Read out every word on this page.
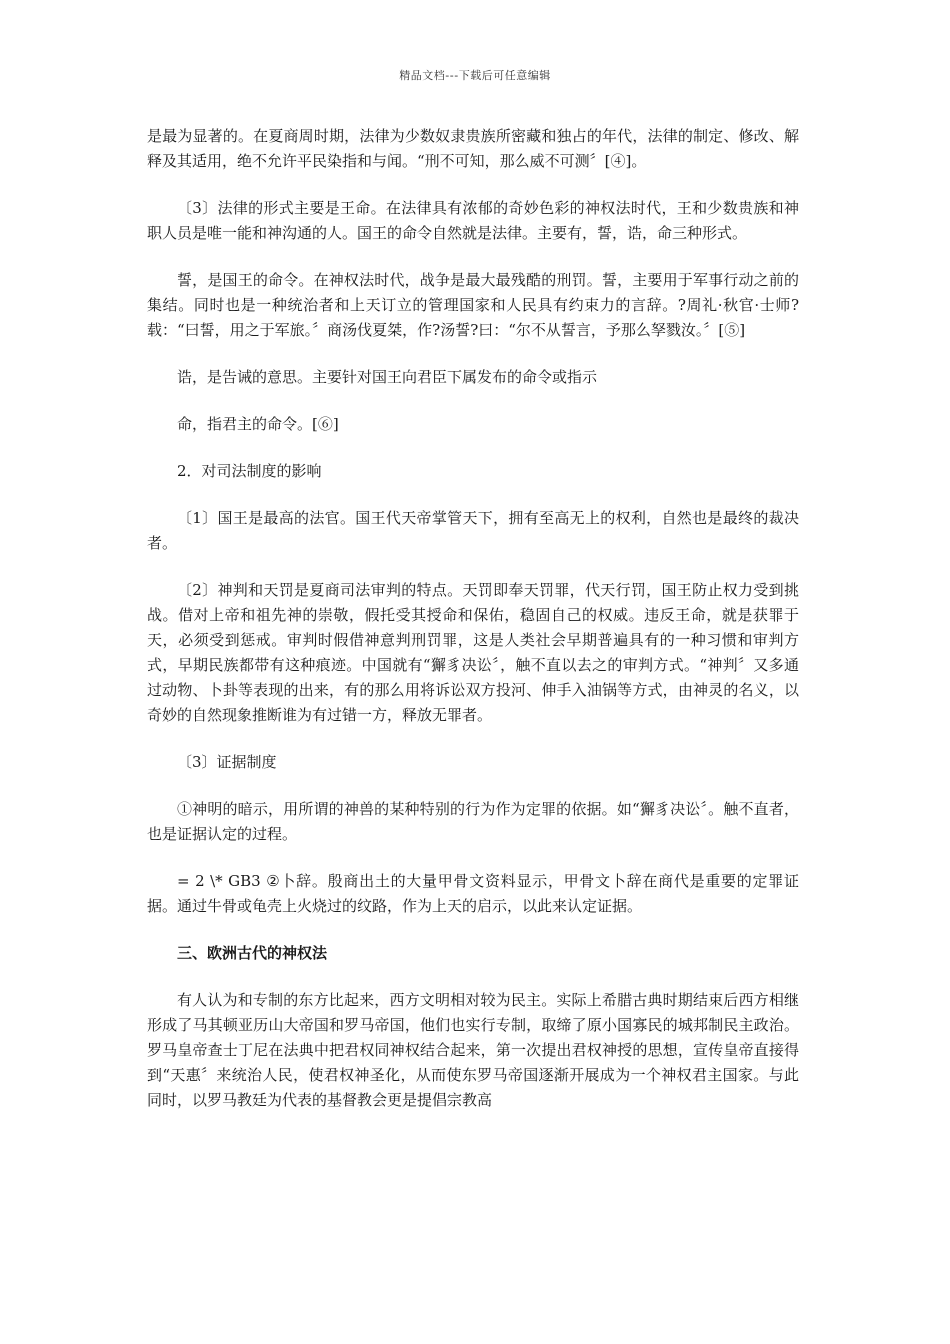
精品文档---下载后可任意编辑

是最为显著的。在夏商周时期，法律为少数奴隶贵族所密藏和独占的年代，法律的制定、修改、解释及其适用，绝不允许平民染指和与闻。“刑不可知，那么威不可测〞[④]。

〔3〕法律的形式主要是王命。在法律具有浓郁的奇妙色彩的神权法时代，王和少数贵族和神职人员是唯一能和神沟通的人。国王的命令自然就是法律。主要有，誓，诰，命三种形式。

誓，是国王的命令。在神权法时代，战争是最大最残酷的刑罚。誓，主要用于军事行动之前的集结。同时也是一种统治者和上天订立的管理国家和人民具有约束力的言辞。?周礼·秋官·士师?载：“曰誓，用之于军旅。〞商汤伐夏桀，作?汤誓?曰：“尔不从誓言，予那么孥戮汝。〞[⑤]

诰，是告诫的意思。主要针对国王向君臣下属发布的命令或指示

命，指君主的命令。[⑥]

2．对司法制度的影响

〔1〕国王是最高的法官。国王代天帝掌管天下，拥有至高无上的权利，自然也是最终的裁决者。

〔2〕神判和天罚是夏商司法审判的特点。天罚即奉天罚罪，代天行罚，国王防止权力受到挑战。借对上帝和祖先神的崇敬，假托受其授命和保佑，稳固自己的权威。违反王命，就是获罪于天，必须受到惩戒。审判时假借神意判刑罚罪，这是人类社会早期普遍具有的一种习惯和审判方式，早期民族都带有这种痕迹。中国就有“獬豸决讼〞，触不直以去之的审判方式。“神判〞又多通过动物、卜卦等表现的出来，有的那么用将诉讼双方投河、伸手入油锅等方式，由神灵的名义，以奇妙的自然现象推断谁为有过错一方，释放无罪者。

〔3〕证据制度

①神明的暗示，用所谓的神兽的某种特别的行为作为定罪的依据。如“獬豸决讼〞。触不直者，也是证据认定的过程。

= 2 \* GB3 ②卜辞。殷商出土的大量甲骨文资料显示，甲骨文卜辞在商代是重要的定罪证据。通过牛骨或龟壳上火烧过的纹路，作为上天的启示，以此来认定证据。

三、欧洲古代的神权法

有人认为和专制的东方比起来，西方文明相对较为民主。实际上希腊古典时期结束后西方相继形成了马其顿亚历山大帝国和罗马帝国，他们也实行专制，取缔了原小国寡民的城邦制民主政治。罗马皇帝查士丁尼在法典中把君权同神权结合起来，第一次提出君权神授的思想，宣传皇帝直接得到“天惠〞来统治人民，使君权神圣化，从而使东罗马帝国逐渐开展成为一个神权君主国家。与此同时，以罗马教廷为代表的基督教会更是提倡宗教高
